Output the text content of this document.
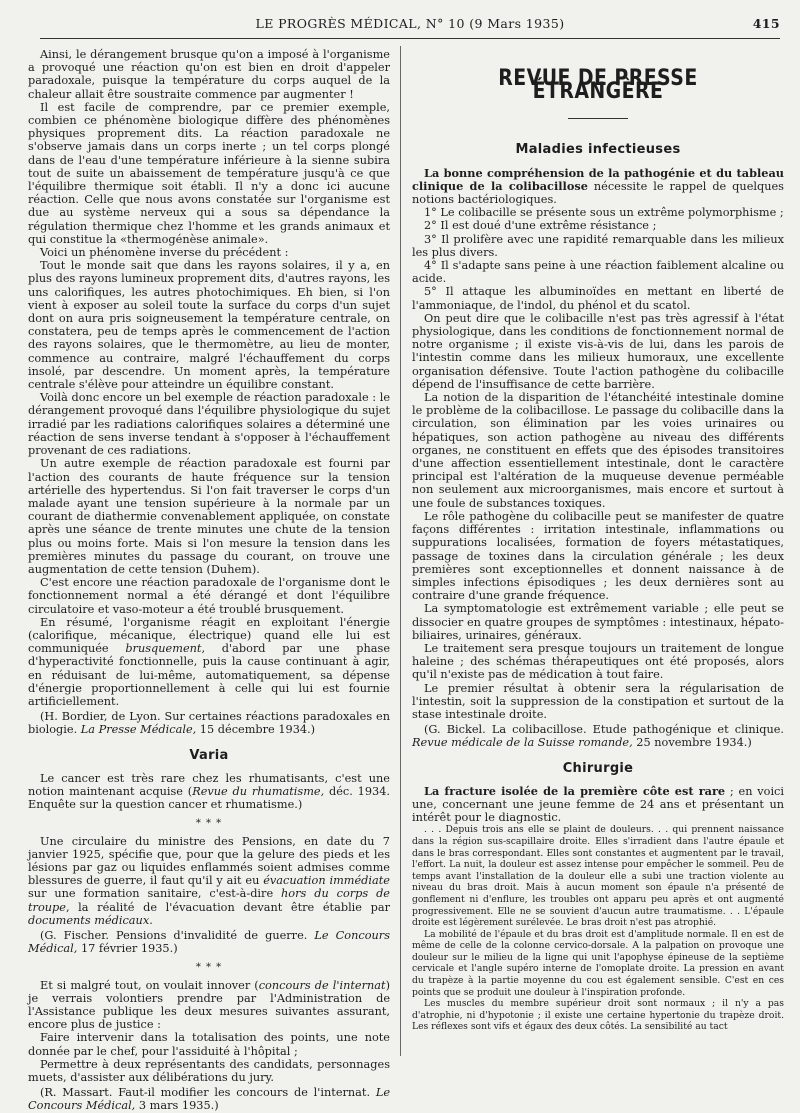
LE PROGRÈS MÉDICAL, N° 10 (9 Mars 1935)	415

Ainsi, le dérangement brusque qu'on a imposé à l'organisme a provoqué une réaction qu'on est bien en droit d'appeler paradoxale, puisque la température du corps auquel de la chaleur allait être soustraite commence par augmenter !

Il est facile de comprendre, par ce premier exemple, combien ce phénomène biologique diffère des phénomènes physiques proprement dits. La réaction paradoxale ne s'observe jamais dans un corps inerte ; un tel corps plongé dans de l'eau d'une température inférieure à la sienne subira tout de suite un abaissement de température jusqu'à ce que l'équilibre thermique soit établi. Il n'y a donc ici aucune réaction. Celle que nous avons constatée sur l'organisme est due au système nerveux qui a sous sa dépendance la régulation thermique chez l'homme et les grands animaux et qui constitue la «thermogénèse animale».

Voici un phénomène inverse du précédent :

Tout le monde sait que dans les rayons solaires, il y a, en plus des rayons lumineux proprement dits, d'autres rayons, les uns calorifiques, les autres photochimiques. Eh bien, si l'on vient à exposer au soleil toute la surface du corps d'un sujet dont on aura pris soigneusement la température centrale, on constatera, peu de temps après le commencement de l'action des rayons solaires, que le thermomètre, au lieu de monter, commence au contraire, malgré l'échauffement du corps insolé, par descendre. Un moment après, la température centrale s'élève pour atteindre un équilibre constant.

Voilà donc encore un bel exemple de réaction paradoxale : le dérangement provoqué dans l'équilibre physiologique du sujet irradié par les radiations calorifiques solaires a déterminé une réaction de sens inverse tendant à s'opposer à l'échauffement provenant de ces radiations.

Un autre exemple de réaction paradoxale est fourni par l'action des courants de haute fréquence sur la tension artérielle des hypertendus. Si l'on fait traverser le corps d'un malade ayant une tension supérieure à la normale par un courant de diathermie convenablement appliquée, on constate après une séance de trente minutes une chute de la tension plus ou moins forte. Mais si l'on mesure la tension dans les premières minutes du passage du courant, on trouve une augmentation de cette tension (Duhem).

C'est encore une réaction paradoxale de l'organisme dont le fonctionnement normal a été dérangé et dont l'équilibre circulatoire et vaso-moteur a été troublé brusquement.

En résumé, l'organisme réagit en exploitant l'énergie (calorifique, mécanique, électrique) quand elle lui est communiquée brusquement, d'abord par une phase d'hyperactivité fonctionnelle, puis la cause continuant à agir, en réduisant de lui-même, automatiquement, sa dépense d'énergie proportionnellement à celle qui lui est fournie artificiellement.

(H. Bordier, de Lyon. Sur certaines réactions paradoxales en biologie. La Presse Médicale, 15 décembre 1934.)

Varia

Le cancer est très rare chez les rhumatisants, c'est une notion maintenant acquise (Revue du rhumatisme, déc. 1934. Enquête sur la question cancer et rhumatisme.)

* * *

Une circulaire du ministre des Pensions, en date du 7 janvier 1925, spécifie que, pour que la gelure des pieds et les lésions par gaz ou liquides enflammés soient admises comme blessures de guerre, il faut qu'il y ait eu évacuation immédiate sur une formation sanitaire, c'est-à-dire hors du corps de troupe, la réalité de l'évacuation devant être établie par documents médicaux.

(G. Fischer. Pensions d'invalidité de guerre. Le Concours Médical, 17 février 1935.)

* * *

Et si malgré tout, on voulait innover (concours de l'internat) je verrais volontiers prendre par l'Administration de l'Assistance publique les deux mesures suivantes assurant, encore plus de justice :

Faire intervenir dans la totalisation des points, une note donnée par le chef, pour l'assiduité à l'hôpital ;

Permettre à deux représentants des candidats, personnages muets, d'assister aux délibérations du jury.

(R. Massart. Faut-il modifier les concours de l'internat. Le Concours Médical, 3 mars 1935.)

REVUE DE PRESSE ÉTRANGÈRE
Maladies infectieuses

La bonne compréhension de la pathogénie et du tableau clinique de la colibacillose nécessite le rappel de quelques notions bactériologiques.

1° Le colibacille se présente sous un extrême polymorphisme ;

2° Il est doué d'une extrême résistance ;

3° Il prolifère avec une rapidité remarquable dans les milieux les plus divers.

4° Il s'adapte sans peine à une réaction faiblement alcaline ou acide.

5° Il attaque les albuminoïdes en mettant en liberté de l'ammoniaque, de l'indol, du phénol et du scatol.

On peut dire que le colibacille n'est pas très agressif à l'état physiologique, dans les conditions de fonctionnement normal de notre organisme ; il existe vis-à-vis de lui, dans les parois de l'intestin comme dans les milieux humoraux, une excellente organisation défensive. Toute l'action pathogène du colibacille dépend de l'insuffisance de cette barrière.

La notion de la disparition de l'étanchéité intestinale domine le problème de la colibacillose. Le passage du colibacille dans la circulation, son élimination par les voies urinaires ou hépatiques, son action pathogène au niveau des différents organes, ne constituent en effets que des épisodes transitoires d'une affection essentiellement intestinale, dont le caractère principal est l'altération de la muqueuse devenue perméable non seulement aux microorganismes, mais encore et surtout à une foule de substances toxiques.

Le rôle pathogène du colibacille peut se manifester de quatre façons différentes : irritation intestinale, inflammations ou suppurations localisées, formation de foyers métastatiques, passage de toxines dans la circulation générale ; les deux premières sont exceptionnelles et donnent naissance à de simples infections épisodiques ; les deux dernières sont au contraire d'une grande fréquence.

La symptomatologie est extrêmement variable ; elle peut se dissocier en quatre groupes de symptômes : intestinaux, hépato-biliaires, urinaires, généraux.

Le traitement sera presque toujours un traitement de longue haleine ; des schémas thérapeutiques ont été proposés, alors qu'il n'existe pas de médication à tout faire.

Le premier résultat à obtenir sera la régularisation de l'intestin, soit la suppression de la constipation et surtout de la stase intestinale droite.

(G. Bickel. La colibacillose. Etude pathogénique et clinique. Revue médicale de la Suisse romande, 25 novembre 1934.)

Chirurgie

La fracture isolée de la première côte est rare ; en voici une, concernant une jeune femme de 24 ans et présentant un intérêt pour le diagnostic.

. . . Depuis trois ans elle se plaint de douleurs. . . qui prennent naissance dans la région sus-scapillaire droite. Elles s'irradient dans l'autre épaule et dans le bras correspondant. Elles sont constantes et augmentent par le travail, l'effort. La nuit, la douleur est assez intense pour empêcher le sommeil. Peu de temps avant l'installation de la douleur elle a subi une traction violente au niveau du bras droit. Mais à aucun moment son épaule n'a présenté de gonflement ni d'enflure, les troubles ont apparu peu après et ont augmenté progressivement. Elle ne se souvient d'aucun autre traumatisme. . . L'épaule droite est légèrement surélevée. Le bras droit n'est pas atrophié.

La mobilité de l'épaule et du bras droit est d'amplitude normale. Il en est de même de celle de la colonne cervico-dorsale. A la palpation on provoque une douleur sur le milieu de la ligne qui unit l'apophyse épineuse de la septième cervicale et l'angle supéro interne de l'omoplate droite. La pression en avant du trapèze à la partie moyenne du cou est également sensible. C'est en ces points que se produit une douleur à l'inspiration profonde.

Les muscles du membre supérieur droit sont normaux ; il n'y a pas d'atrophie, ni d'hypotonie ; il existe une certaine hypertonie du trapèze droit. Les réflexes sont vifs et égaux des deux côtés. La sensibilité au tact
